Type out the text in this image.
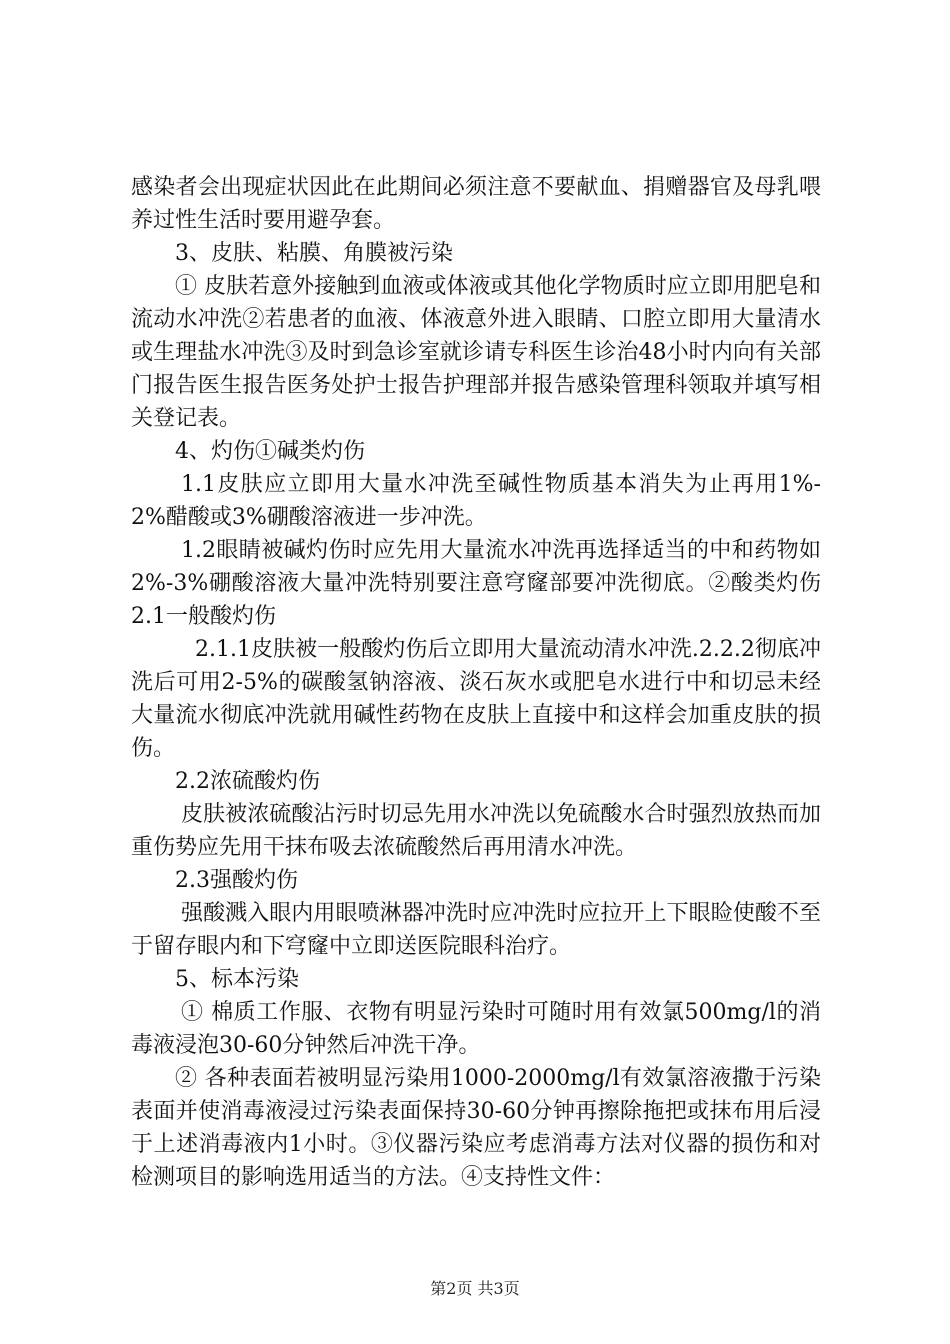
感染者会出现症状因此在此期间必须注意不要献血、捐赠器官及母乳喂养过性生活时要用避孕套。

3、皮肤、粘膜、角膜被污染

① 皮肤若意外接触到血液或体液或其他化学物质时应立即用肥皂和流动水冲洗②若患者的血液、体液意外进入眼睛、口腔立即用大量清水或生理盐水冲洗③及时到急诊室就诊请专科医生诊治48小时内向有关部门报告医生报告医务处护士报告护理部并报告感染管理科领取并填写相关登记表。

4、灼伤①碱类灼伤

1.1皮肤应立即用大量水冲洗至碱性物质基本消失为止再用1%-2%醋酸或3%硼酸溶液进一步冲洗。

1.2眼睛被碱灼伤时应先用大量流水冲洗再选择适当的中和药物如2%-3%硼酸溶液大量冲洗特别要注意穹窿部要冲洗彻底。②酸类灼伤2.1一般酸灼伤

2.1.1皮肤被一般酸灼伤后立即用大量流动清水冲洗.2.2.2彻底冲洗后可用2-5%的碳酸氢钠溶液、淡石灰水或肥皂水进行中和切忌未经大量流水彻底冲洗就用碱性药物在皮肤上直接中和这样会加重皮肤的损伤。

2.2浓硫酸灼伤

皮肤被浓硫酸沾污时切忌先用水冲洗以免硫酸水合时强烈放热而加重伤势应先用干抹布吸去浓硫酸然后再用清水冲洗。

2.3强酸灼伤

强酸溅入眼内用眼喷淋器冲洗时应冲洗时应拉开上下眼睑使酸不至于留存眼内和下穹窿中立即送医院眼科治疗。

5、标本污染

① 棉质工作服、衣物有明显污染时可随时用有效氯500mg/l的消毒液浸泡30-60分钟然后冲洗干净。

② 各种表面若被明显污染用1000-2000mg/l有效氯溶液撒于污染表面并使消毒液浸过污染表面保持30-60分钟再擦除拖把或抹布用后浸于上述消毒液内1小时。③仪器污染应考虑消毒方法对仪器的损伤和对检测项目的影响选用适当的方法。④支持性文件：

第2页 共3页
